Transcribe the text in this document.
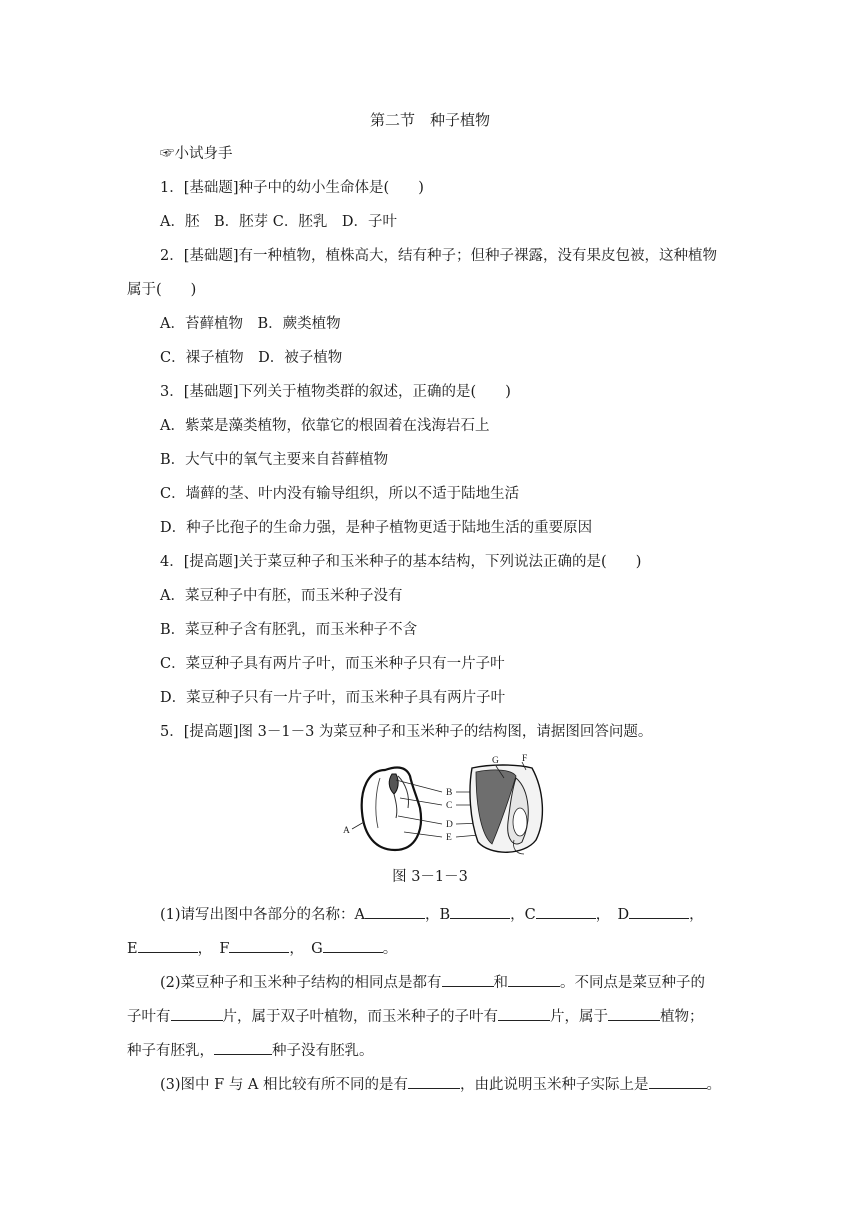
第二节　种子植物
☞小试身手
1．[基础题]种子中的幼小生命体是(　　)
A．胚　B．胚芽 C．胚乳　D．子叶
2．[基础题]有一种植物，植株高大，结有种子；但种子裸露，没有果皮包被，这种植物
属于(　　)
A．苔藓植物　B．蕨类植物
C．裸子植物　D．被子植物
3．[基础题]下列关于植物类群的叙述，正确的是(　　)
A．紫菜是藻类植物，依靠它的根固着在浅海岩石上
B．大气中的氧气主要来自苔藓植物
C．墙藓的茎、叶内没有输导组织，所以不适于陆地生活
D．种子比孢子的生命力强，是种子植物更适于陆地生活的重要原因
4．[提高题]关于菜豆种子和玉米种子的基本结构，下列说法正确的是(　　)
A．菜豆种子中有胚，而玉米种子没有
B．菜豆种子含有胚乳，而玉米种子不含
C．菜豆种子具有两片子叶，而玉米种子只有一片子叶
D．菜豆种子只有一片子叶，而玉米种子具有两片子叶
5．[提高题]图 3－1－3 为菜豆种子和玉米种子的结构图，请据图回答问题。
A
B
C
D
E
G F
图 3－1－3
(1)请写出图中各部分的名称：A	，B	，C	，　D	，
E	，　F	，　G	。
(2)菜豆种子和玉米种子结构的相同点是都有	和	。不同点是菜豆种子的
子叶有	片，属于双子叶植物，而玉米种子的子叶有	片，属于	植物；
种子有胚乳，	种子没有胚乳。
(3)图中 F 与 A 相比较有所不同的是有	，由此说明玉米种子实际上是	。
